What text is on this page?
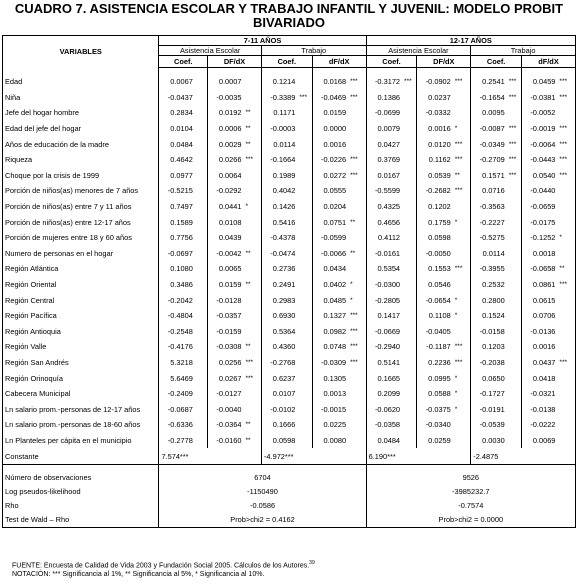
CUADRO 7. ASISTENCIA ESCOLAR Y TRABAJO INFANTIL Y JUVENIL: MODELO PROBIT
BIVARIADO
VARIABLES	7-11 AÑOS								12-17 AÑOS							
	Asistencia Escolar				Trabajo				Asistencia Escolar				Trabajo			
	Coef.		DF/dX		Coef.		dF/dX		Coef.		DF/dX		Coef.		dF/dX	

Edad	0.0067		0.0007		0.1214		0.0168	***	-0.3172	***	-0.0902	***	0.2541	***	0.0459	***
Niña	-0.0437		-0.0035		-0.3389	***	-0.0469	***	0.1386		0.0237		-0.1654	***	-0.0381	***
Jefe del hogar hombre	0.2834		0.0192	**	0.1171		0.0159		-0.0699		-0.0332		0.0095		-0.0052	
Edad del jefe del hogar	0.0104		0.0006	**	-0.0003		0.0000		0.0079		0.0016	*	-0.0087	***	-0.0019	***
Años de educación de la madre	0.0484		0.0029	**	0.0114		0.0016		0.0427		0.0120	***	-0.0349	***	-0.0064	***
Riqueza	0.4642		0.0266	***	-0.1664		-0.0226	***	0.3769		0.1162	***	-0.2709	***	-0.0443	***
Choque por la crisis de 1999	0.0977		0.0064		0.1989		0.0272	***	0.0167		0.0539	**	0.1571	***	0.0540	***
Porción de niños(as) menores de 7 años	-0.5215		-0.0292		0.4042		0.0555		-0.5599		-0.2682	***	0.0716		-0.0440	
Porción de niños(as) entre 7 y 11 años	0.7497		0.0441	*	0.1426		0.0204		0.4325		0.1202		-0.3563		-0.0659	
Porción de niños(as) entre 12-17 años	0.1589		0.0108		0.5416		0.0751	**	0.4656		0.1759	*	-0.2227		-0.0175	
Porción de mujeres entre 18 y 60 años	0.7756		0.0439		-0.4378		-0.0599		0.4112		0.0598		-0.5275		-0.1252	*
Numero de personas en el hogar	-0.0697		-0.0042	**	-0.0474		-0.0066	**	-0.0161		-0.0050		0.0114		0.0018	
Región Atlántica	0.1080		0.0065		0.2736		0.0434		0.5354		0.1553	***	-0.3955		-0.0658	**
Región Oriental	0.3486		0.0159	**	0.2491		0.0402	*	-0.0300		0.0546		0.2532		0.0861	***
Región Central	-0.2042		-0.0128		0.2983		0.0485	*	-0.2805		-0.0654	*	0.2800		0.0615	
Región Pacífica	-0.4804		-0.0357		0.6930		0.1327	***	0.1417		0.1108	*	0.1524		0.0706	
Región Antioquia	-0.2548		-0.0159		0.5364		0.0982	***	-0.0669		-0.0405		-0.0158		-0.0136	
Región Valle	-0.4176		-0.0308	**	0.4360		0.0748	***	-0.2940		-0.1187	***	0.1203		0.0016	
Región San Andrés	5.3218		0.0256	***	-0.2768		-0.0309	***	0.5141		0.2236	***	-0.2038		0.0437	***
Región Orinoquía	5.6469		0.0267	***	0.6237		0.1305		0.1665		0.0995	*	0.0650		0.0418	
Cabecera Municipal	-0.2409		-0.0127		0.0107		0.0013		0.2099		0.0588	*	-0.1727		-0.0321	
Ln salario prom.-personas de 12-17 años	-0.0687		-0.0040		-0.0102		-0.0015		-0.0620		-0.0375	*	-0.0191		-0.0138	
Ln salario prom.-personas de 18-60 años	-0.6336		-0.0364	**	0.1666		0.0225		-0.0358		-0.0340		-0.0539		-0.0222	
Ln Planteles per cápita en el municipio	-0.2778		-0.0160	**	0.0598		0.0080		0.0484		0.0259		0.0030		0.0069	
Constante	7.574***				-4.972***				6.190***				-2.4875			

Número de observaciones	6704								9526							
Log pseudos-likelihood	-1150490								-3985232.7							
Rho	-0.0586								-0.7574							
Test de Wald – Rho	Prob>chi2 = 0.4162								Prob>chi2 = 0.0000							
FUENTE: Encuesta de Calidad de Vida 2003 y Fundación Social 2005. Cálculos de los Autores.$^{39}$
NOTACIÓN: *** Significancia al 1%, ** Significancia al 5%, * Significancia al 10%.
